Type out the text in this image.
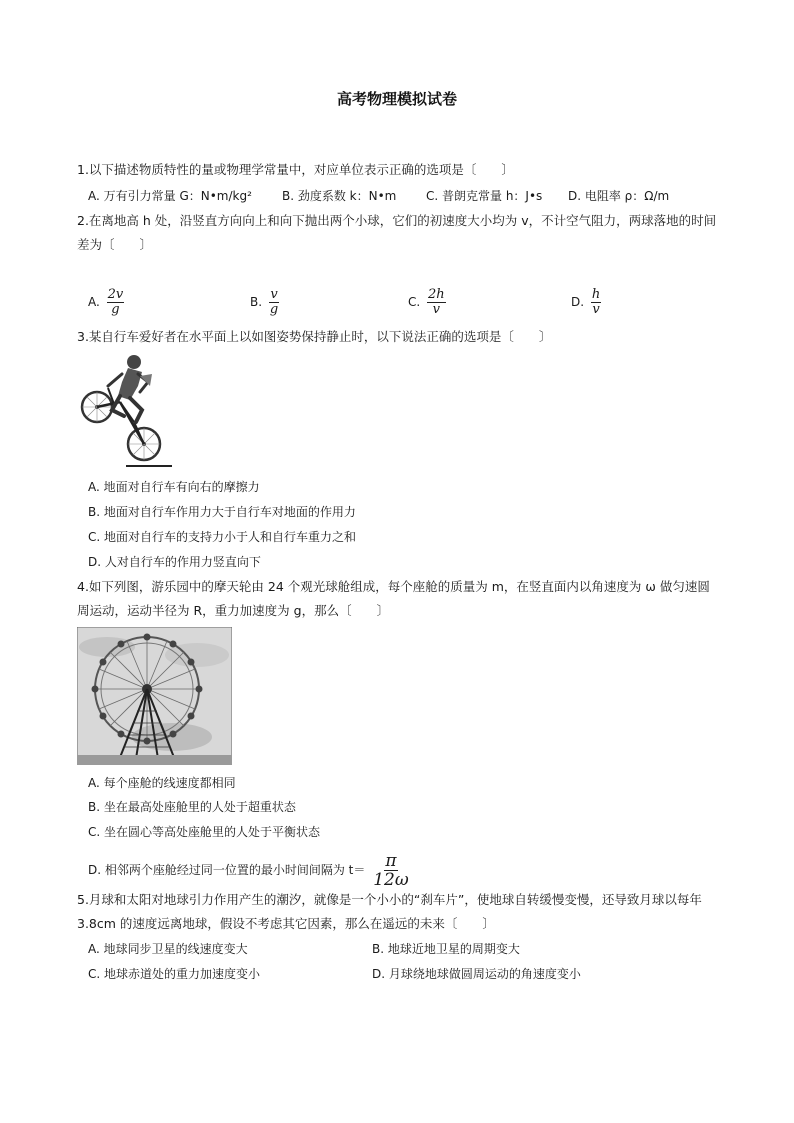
高考物理模拟试卷
1.以下描述物质特性的量或物理学常量中，对应单位表示正确的选项是〔　　〕
A. 万有引力常量 G：N•m/kg²	B. 劲度系数 k：N•m C. 普朗克常量 h：J•s D. 电阻率 ρ：Ω/m
2.在离地高 h 处，沿竖直方向向上和向下抛出两个小球，它们的初速度大小均为 v，不计空气阻力，两球落地的时间差为〔　　〕
A. $\frac{2v}{g}$	B. $\frac{v}{g}$	C. $\frac{2h}{v}$	D. $\frac{h}{v}$
3.某自行车爱好者在水平面上以如图姿势保持静止时，以下说法正确的选项是〔　　〕
A. 地面对自行车有向右的摩擦力
B. 地面对自行车作用力大于自行车对地面的作用力
C. 地面对自行车的支持力小于人和自行车重力之和
D. 人对自行车的作用力竖直向下
4.如下列图，游乐园中的摩天轮由 24 个观光球舱组成，每个座舱的质量为 m，在竖直面内以角速度为 ω 做匀速圆周运动，运动半径为 R，重力加速度为 g，那么〔　　〕
A. 每个座舱的线速度都相同
B. 坐在最高处座舱里的人处于超重状态
C. 坐在圆心等高处座舱里的人处于平衡状态
D. 相邻两个座舱经过同一位置的最小时间间隔为 $t= \frac{\pi}{12\omega}$
5.月球和太阳对地球引力作用产生的潮汐，就像是一个小小的“刹车片”，使地球自转缓慢变慢，还导致月球以每年 3.8cm 的速度远离地球，假设不考虑其它因素，那么在遥远的未来〔　　〕
A. 地球同步卫星的线速度变大	B. 地球近地卫星的周期变大
C. 地球赤道处的重力加速度变小	D. 月球绕地球做圆周运动的角速度变小
